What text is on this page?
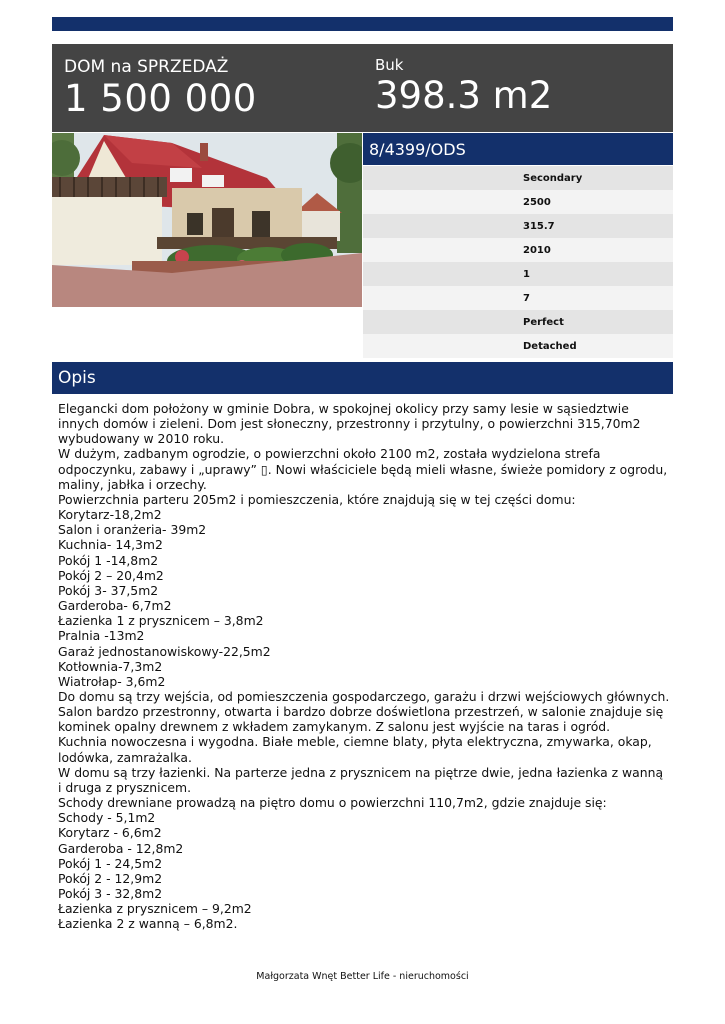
DOM na SPRZEDAŻ
1 500 000
Buk
398.3 m2
8/4399/ODS
Secondary
2500
315.7
2010
1
7
Perfect
Detached
Opis

Elegancki dom położony w gminie Dobra, w spokojnej okolicy przy samy lesie w sąsiedztwie innych domów i zieleni. Dom jest słoneczny, przestronny i przytulny, o powierzchni 315,70m2 wybudowany w 2010 roku.

W dużym, zadbanym ogrodzie, o powierzchni około 2100 m2, została wydzielona strefa odpoczynku, zabawy i „uprawy” ▯. Nowi właściciele będą mieli własne, świeże pomidory z ogrodu, maliny, jabłka i orzechy.

Powierzchnia parteru 205m2 i pomieszczenia, które znajdują się w tej części domu:

Korytarz-18,2m2

Salon i oranżeria- 39m2

Kuchnia- 14,3m2

Pokój 1 -14,8m2

Pokój 2 – 20,4m2

Pokój 3- 37,5m2

Garderoba- 6,7m2

Łazienka 1 z prysznicem – 3,8m2

Pralnia -13m2

Garaż jednostanowiskowy-22,5m2

Kotłownia-7,3m2

Wiatrołap- 3,6m2

Do domu są trzy wejścia, od pomieszczenia gospodarczego, garażu i drzwi wejściowych głównych.

Salon bardzo przestronny, otwarta i bardzo dobrze doświetlona przestrzeń, w salonie znajduje się kominek opalny drewnem z wkładem zamykanym. Z salonu jest wyjście na taras i ogród.

Kuchnia nowoczesna i wygodna. Białe meble, ciemne blaty, płyta elektryczna, zmywarka, okap, lodówka, zamrażalka.

W domu są trzy łazienki. Na parterze jedna z prysznicem na piętrze dwie, jedna łazienka z wanną i druga z prysznicem.

Schody drewniane prowadzą na piętro domu o powierzchni 110,7m2, gdzie znajduje się:

Schody - 5,1m2

Korytarz - 6,6m2

Garderoba - 12,8m2

Pokój 1 - 24,5m2

Pokój 2 - 12,9m2

Pokój 3 - 32,8m2

Łazienka z prysznicem – 9,2m2

Łazienka 2 z wanną – 6,8m2.

Małgorzata Wnęt Better Life - nieruchomości
